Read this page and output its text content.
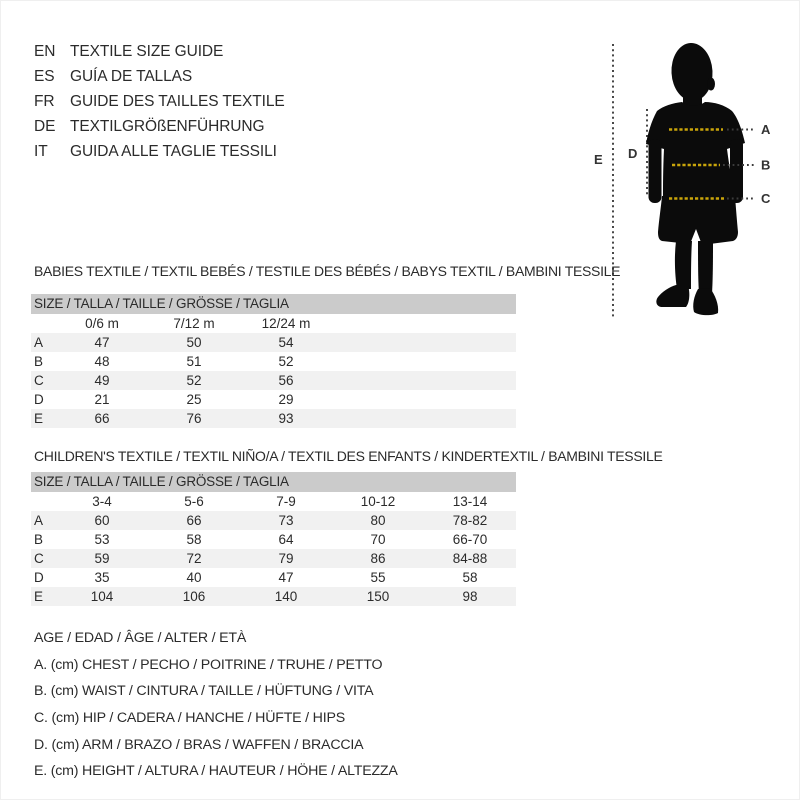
EN TEXTILE SIZE GUIDE
ES	GUÍA DE TALLAS
FR	GUIDE DES TAILLES TEXTILE
DE TEXTILGRÖßENFÜHRUNG
IT	GUIDA ALLE TAGLIE TESSILI	E D
A
B
C
BABIES TEXTILE / TEXTIL BEBÉS / TESTILE DES BÉBÉS / BABYS TEXTIL / BAMBINI TESSILE
SIZE / TALLA / TAILLE / GRÖSSE / TAGLIA
0/6 m	7/12 m	12/24 m
A	47	50	54
B	48	51	52
C	49	52	56
D	21	25	29
E	66	76	93
CHILDREN'S TEXTILE / TEXTIL NIÑO/A / TEXTIL DES ENFANTS / KINDERTEXTIL / BAMBINI TESSILE
SIZE / TALLA / TAILLE / GRÖSSE / TAGLIA
3-4	5-6	7-9	10-12	13-14
A	60	66	73	80	78-82
B	53	58	64	70	66-70
C	59	72	79	86	84-88
D	35	40	47	55	58
E	104	106	140	150	98
AGE / EDAD / ÂGE / ALTER / ETÀ
A. (cm) CHEST / PECHO / POITRINE / TRUHE / PETTO
B. (cm) WAIST / CINTURA / TAILLE / HÜFTUNG / VITA
C. (cm) HIP / CADERA / HANCHE / HÜFTE / HIPS
D. (cm) ARM / BRAZO / BRAS / WAFFEN / BRACCIA
E. (cm) HEIGHT / ALTURA / HAUTEUR / HÖHE / ALTEZZA
